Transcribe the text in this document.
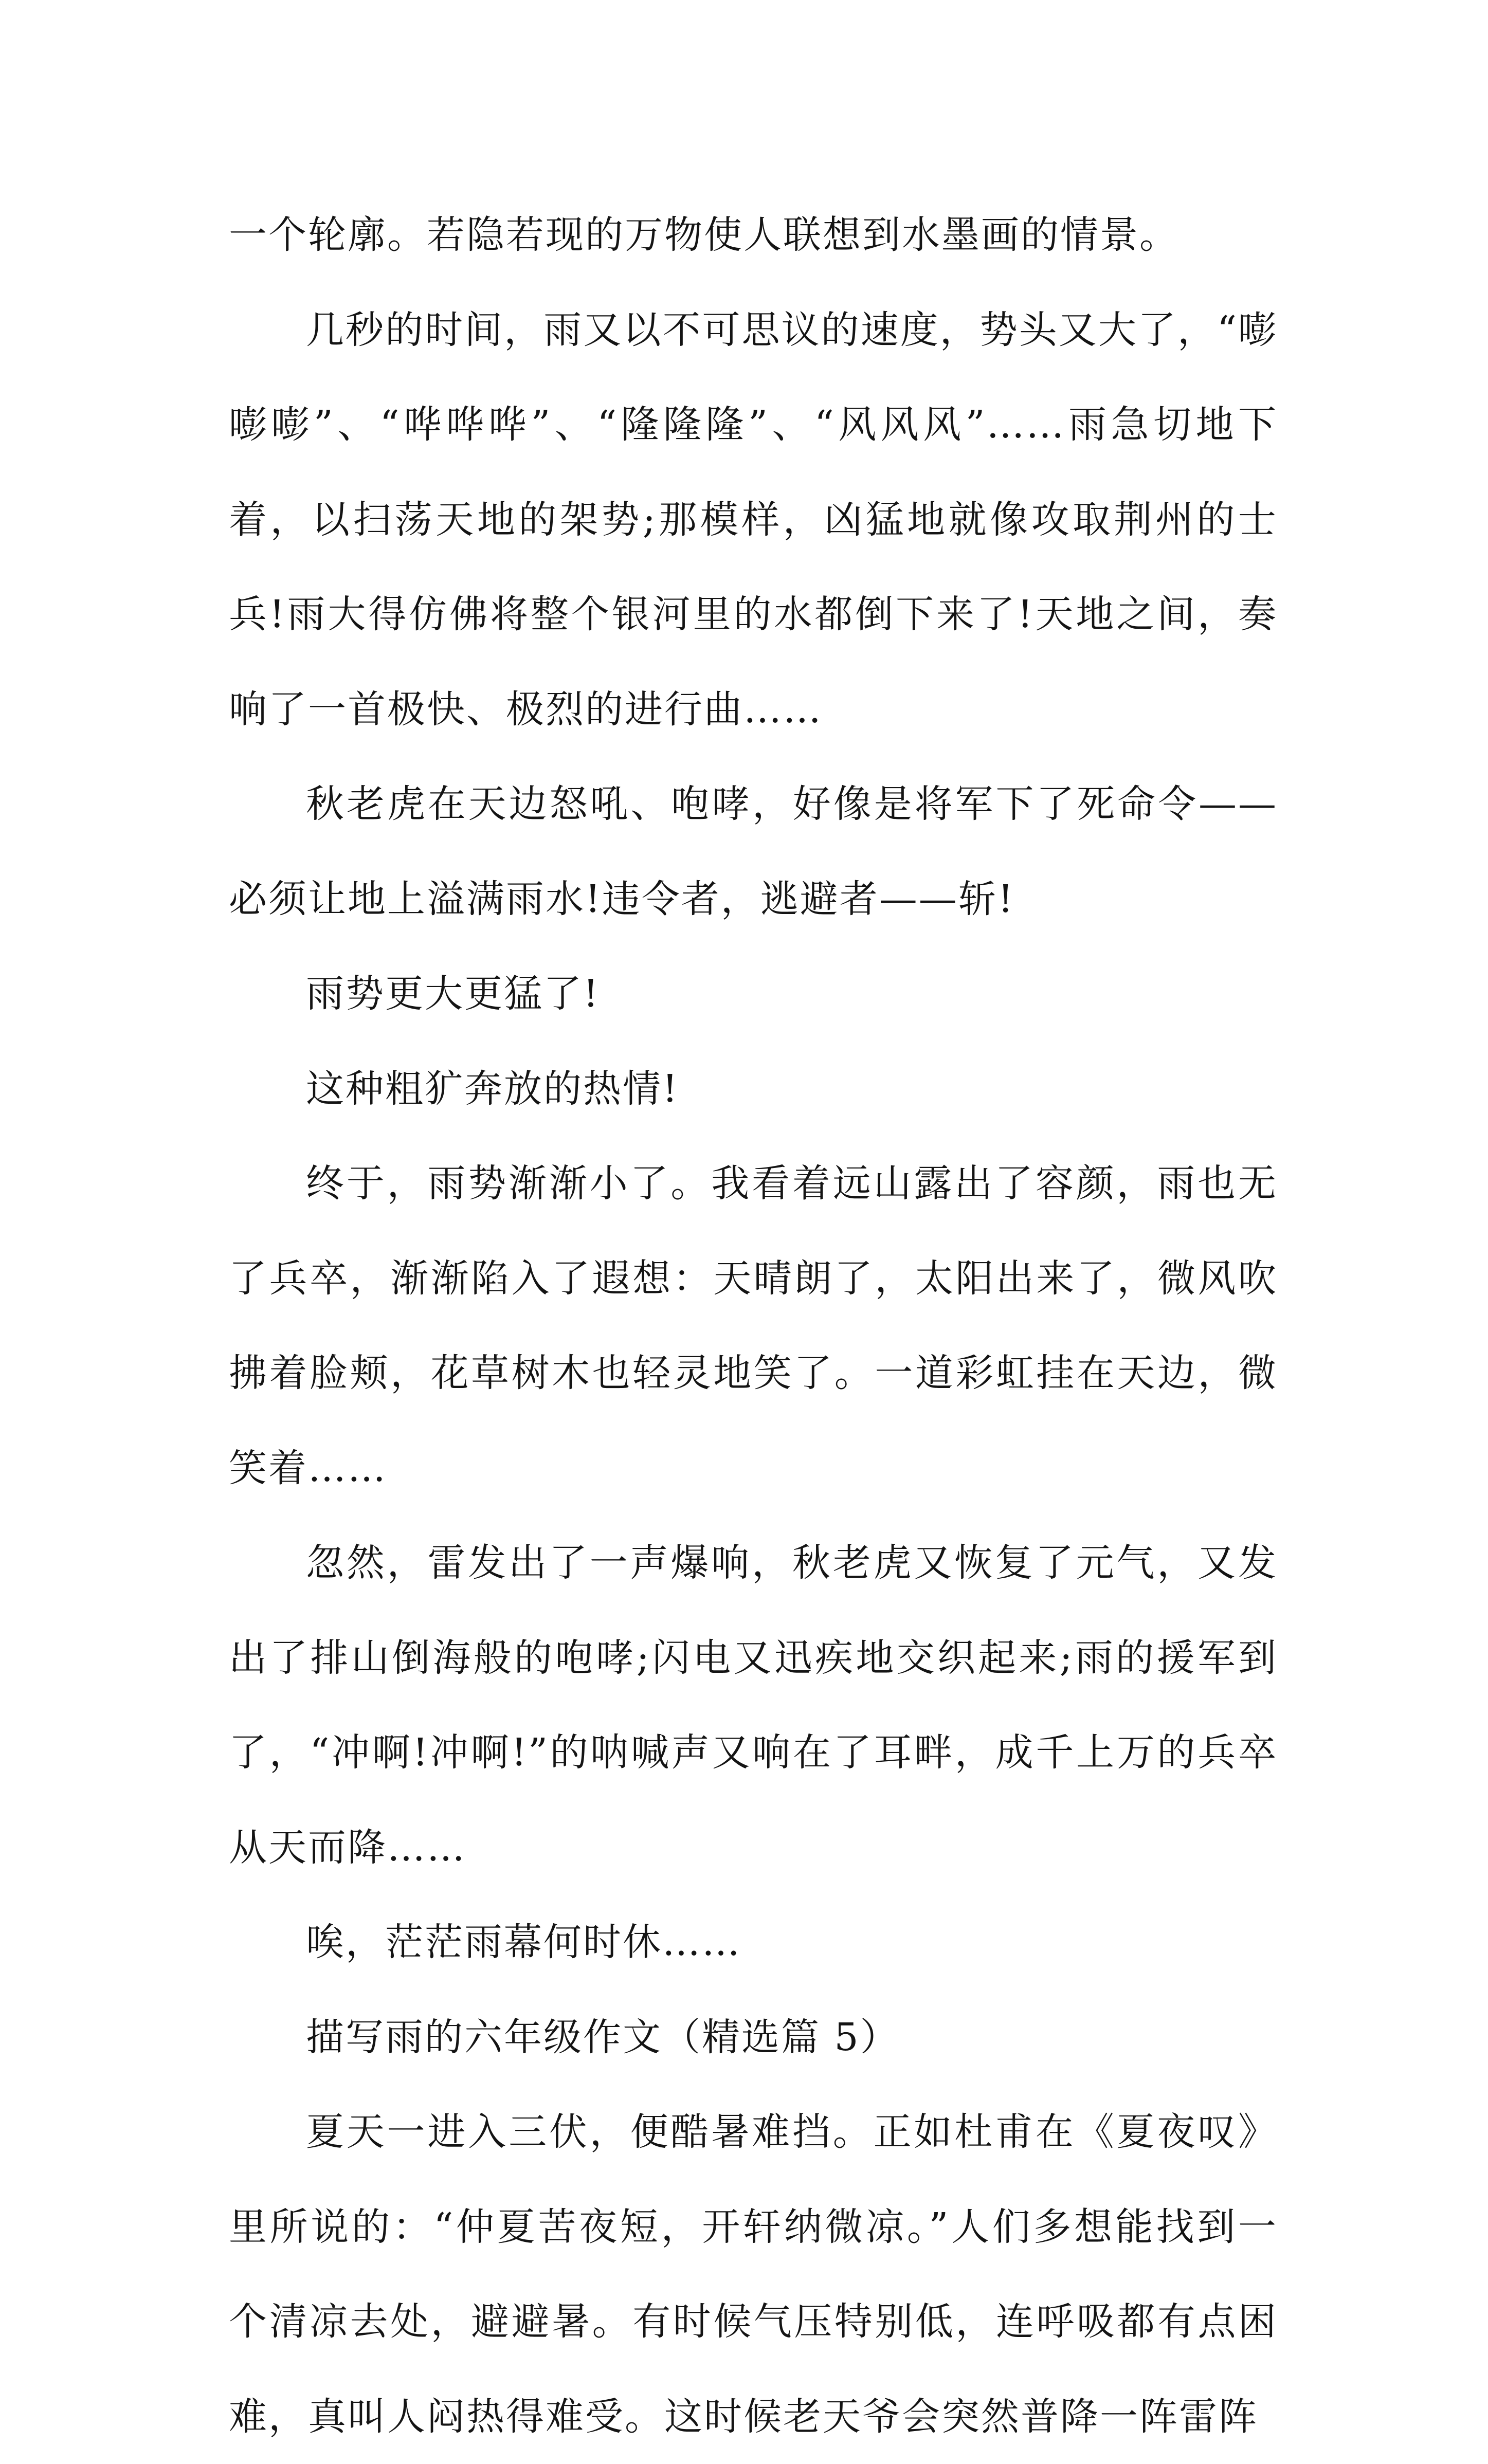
一个轮廓。若隐若现的万物使人联想到水墨画的情景。

几秒的时间，雨又以不可思议的速度，势头又大了，“嘭嘭嘭”、“哗哗哗”、“隆隆隆”、“风风风”……雨急切地下着，以扫荡天地的架势;那模样，凶猛地就像攻取荆州的士兵!雨大得仿佛将整个银河里的水都倒下来了!天地之间，奏响了一首极快、极烈的进行曲……

秋老虎在天边怒吼、咆哮，好像是将军下了死命令——必须让地上溢满雨水!违令者，逃避者——斩!

雨势更大更猛了!

这种粗犷奔放的热情!

终于，雨势渐渐小了。我看着远山露出了容颜，雨也无了兵卒，渐渐陷入了遐想：天晴朗了，太阳出来了，微风吹拂着脸颊，花草树木也轻灵地笑了。一道彩虹挂在天边，微笑着……

忽然，雷发出了一声爆响，秋老虎又恢复了元气，又发出了排山倒海般的咆哮;闪电又迅疾地交织起来;雨的援军到了，“冲啊!冲啊!”的呐喊声又响在了耳畔，成千上万的兵卒从天而降……

唉，茫茫雨幕何时休……

描写雨的六年级作文（精选篇 5）

夏天一进入三伏，便酷暑难挡。正如杜甫在《夏夜叹》里所说的：“仲夏苦夜短，开轩纳微凉。”人们多想能找到一个清凉去处，避避暑。有时候气压特别低，连呼吸都有点困难，真叫人闷热得难受。这时候老天爷会突然普降一阵雷阵
